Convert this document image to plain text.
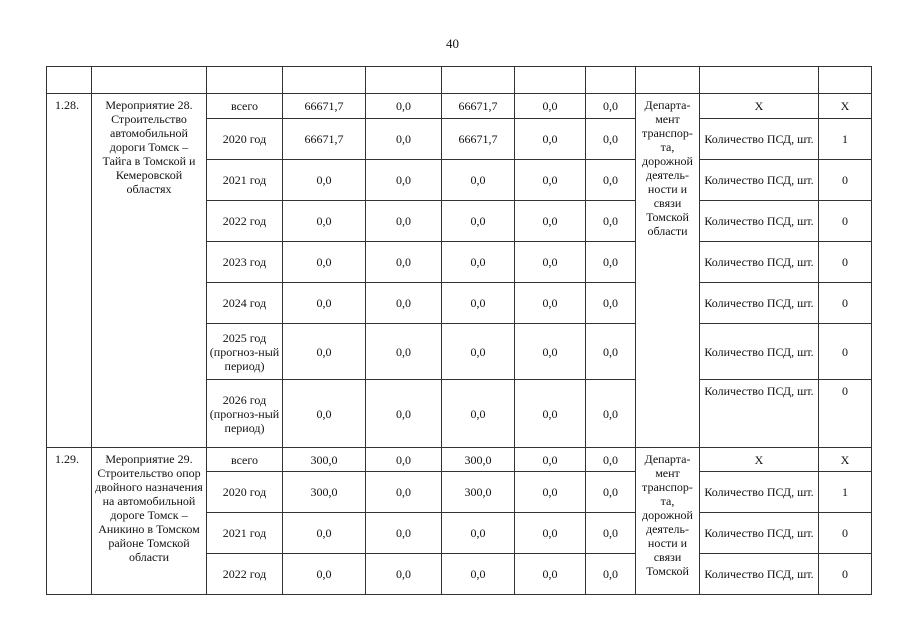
40

1.28.	Мероприятие 28. Строительство автомобильной дороги Томск – Тайга в Томской и Кемеровской областях	всего	66671,7	0,0	66671,7	0,0	0,0	Департа-мент транспор-та, дорожной деятель-ности и связи Томской области	Х	Х
		2020 год	66671,7	0,0	66671,7	0,0	0,0		Количество ПСД, шт.	1
		2021 год	0,0	0,0	0,0	0,0	0,0		Количество ПСД, шт.	0
		2022 год	0,0	0,0	0,0	0,0	0,0		Количество ПСД, шт.	0
		2023 год	0,0	0,0	0,0	0,0	0,0		Количество ПСД, шт.	0
		2024 год	0,0	0,0	0,0	0,0	0,0		Количество ПСД, шт.	0
		2025 год (прогноз-ный период)	0,0	0,0	0,0	0,0	0,0		Количество ПСД, шт.	0
		2026 год (прогноз-ный период)	0,0	0,0	0,0	0,0	0,0		Количество ПСД, шт.	0
1.29.	Мероприятие 29. Строительство опор двойного назначения на автомобильной дороге Томск – Аникино в Томском районе Томской области	всего	300,0	0,0	300,0	0,0	0,0	Департа-мент транспор-та, дорожной деятель-ности и связи Томской	Х	Х
		2020 год	300,0	0,0	300,0	0,0	0,0		Количество ПСД, шт.	1
		2021 год	0,0	0,0	0,0	0,0	0,0		Количество ПСД, шт.	0
		2022 год	0,0	0,0	0,0	0,0	0,0		Количество ПСД, шт.	0
